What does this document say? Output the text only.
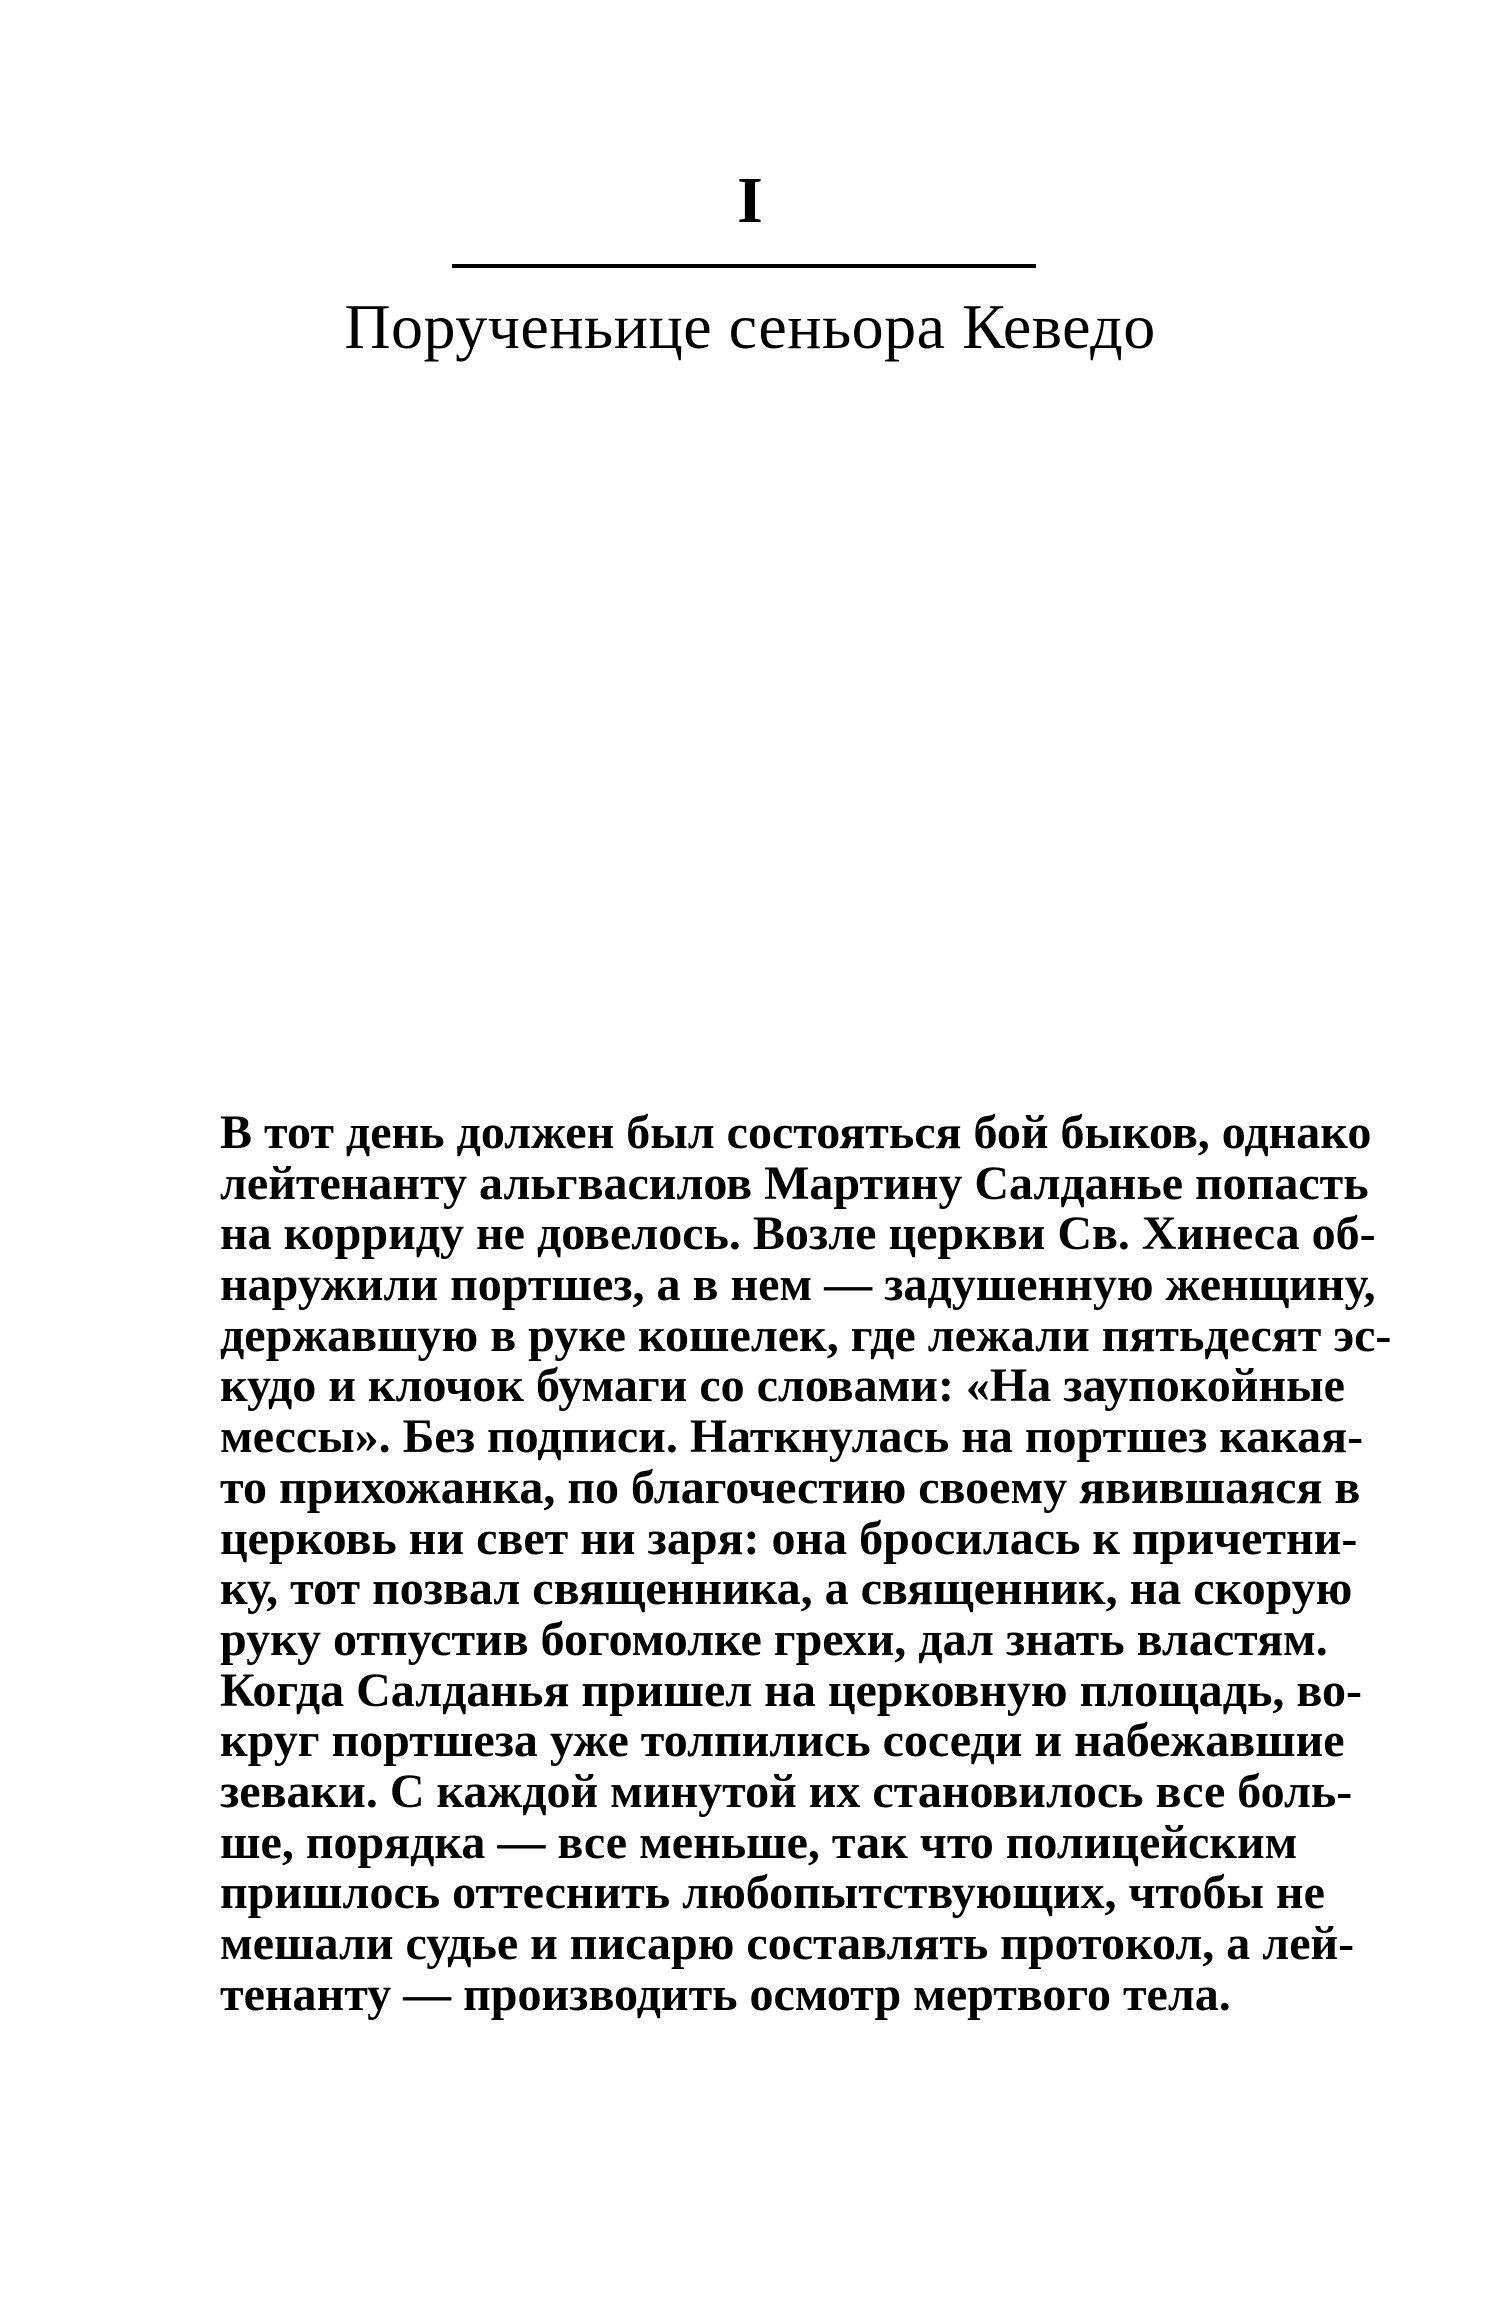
I
Порученьице сеньора Кеведо
В тот день должен был состояться бой быков, однако
лейтенанту альгвасилов Мартину Салданье попасть
на корриду не довелось. Возле церкви Св. Хинеса об-
наружили портшез, а в нем — задушенную женщину,
державшую в руке кошелек, где лежали пятьдесят эс-
кудо и клочок бумаги со словами: «На заупокойные
мессы». Без подписи. Наткнулась на портшез какая-
то прихожанка, по благочестию своему явившаяся в
церковь ни свет ни заря: она бросилась к причетни-
ку, тот позвал священника, а священник, на скорую
руку отпустив богомолке грехи, дал знать властям.
Когда Салданья пришел на церковную площадь, во-
круг портшеза уже толпились соседи и набежавшие
зеваки. С каждой минутой их становилось все боль-
ше, порядка — все меньше, так что полицейским
пришлось оттеснить любопытствующих, чтобы не
мешали судье и писарю составлять протокол, а лей-
тенанту — производить осмотр мертвого тела.
